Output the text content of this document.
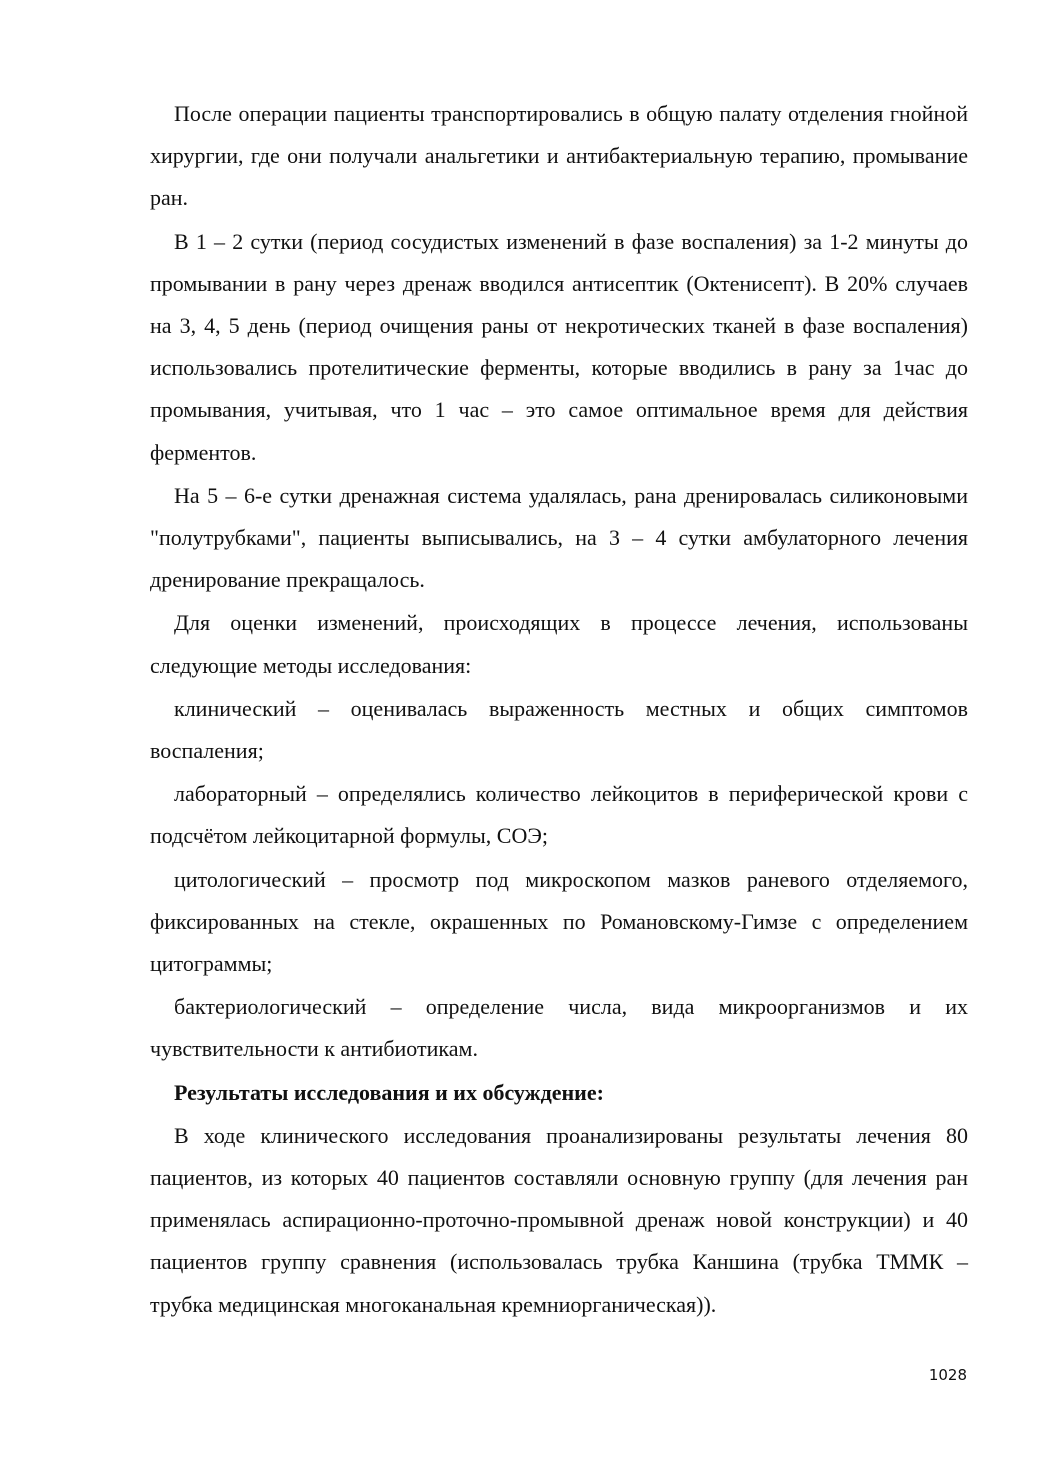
После операции пациенты транспортировались в общую палату отделения гнойной хирургии, где они получали анальгетики и антибактериальную терапию, промывание ран.

В 1 – 2 сутки (период сосудистых изменений в фазе воспаления) за 1-2 минуты до промывании в рану через дренаж вводился антисептик (Октенисепт). В 20% случаев на 3, 4, 5 день (период очищения раны от некротических тканей в фазе воспаления) использовались протелитические ферменты, которые вводились в рану за 1час до промывания, учитывая, что 1 час – это самое оптимальное время для действия ферментов.

На 5 – 6-е сутки дренажная система удалялась, рана дренировалась силиконовыми "полутрубками", пациенты выписывались, на 3 – 4 сутки амбулаторного лечения дренирование прекращалось.

Для оценки изменений, происходящих в процессе лечения, использованы следующие методы исследования:

клинический – оценивалась выраженность местных и общих симптомов воспаления;

лабораторный – определялись количество лейкоцитов в периферической крови с подсчётом лейкоцитарной формулы, СОЭ;

цитологический – просмотр под микроскопом мазков раневого отделяемого, фиксированных на стекле, окрашенных по Романовскому-Гимзе с определением цитограммы;

бактериологический – определение числа, вида микроорганизмов и их чувствительности к антибиотикам.

Результаты исследования и их обсуждение:

В ходе клинического исследования проанализированы результаты лечения 80 пациентов, из которых 40 пациентов составляли основную группу (для лечения ран применялась аспирационно-проточно-промывной дренаж новой конструкции) и 40 пациентов группу сравнения (использовалась трубка Каншина (трубка ТММК – трубка медицинская многоканальная кремниорганическая)).

1028
